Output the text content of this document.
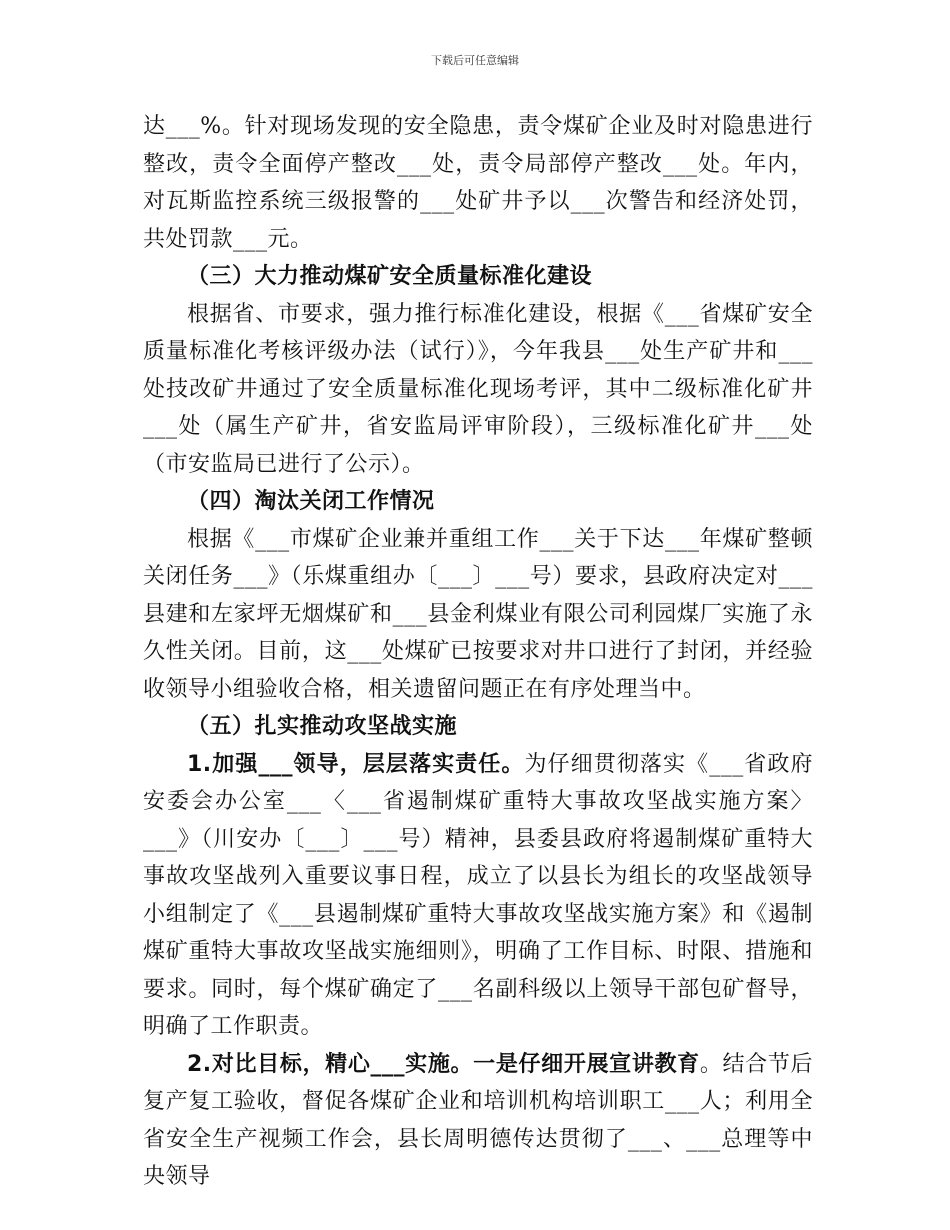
下载后可任意编辑

达___%。针对现场发现的安全隐患，责令煤矿企业及时对隐患进行整改，责令全面停产整改___处，责令局部停产整改___处。年内，对瓦斯监控系统三级报警的___处矿井予以___次警告和经济处罚，共处罚款___元。

（三）大力推动煤矿安全质量标准化建设

根据省、市要求，强力推行标准化建设，根据《___省煤矿安全质量标准化考核评级办法（试行）》，今年我县___处生产矿井和___处技改矿井通过了安全质量标准化现场考评，其中二级标准化矿井___处（属生产矿井，省安监局评审阶段），三级标准化矿井___处（市安监局已进行了公示）。

（四）淘汰关闭工作情况

根据《___市煤矿企业兼并重组工作___关于下达___年煤矿整顿关闭任务___》（乐煤重组办〔___〕___号）要求，县政府决定对___县建和左家坪无烟煤矿和___县金利煤业有限公司利园煤厂实施了永久性关闭。目前，这___处煤矿已按要求对井口进行了封闭，并经验收领导小组验收合格，相关遗留问题正在有序处理当中。

（五）扎实推动攻坚战实施

1.加强___领导，层层落实责任。为仔细贯彻落实《___省政府安委会办公室___〈___省遏制煤矿重特大事故攻坚战实施方案〉___》（川安办〔___〕___号）精神，县委县政府将遏制煤矿重特大事故攻坚战列入重要议事日程，成立了以县长为组长的攻坚战领导小组制定了《___县遏制煤矿重特大事故攻坚战实施方案》和《遏制煤矿重特大事故攻坚战实施细则》，明确了工作目标、时限、措施和要求。同时，每个煤矿确定了___名副科级以上领导干部包矿督导，明确了工作职责。

2.对比目标，精心___实施。一是仔细开展宣讲教育。结合节后复产复工验收，督促各煤矿企业和培训机构培训职工___人；利用全省安全生产视频工作会，县长周明德传达贯彻了___、___总理等中央领导
